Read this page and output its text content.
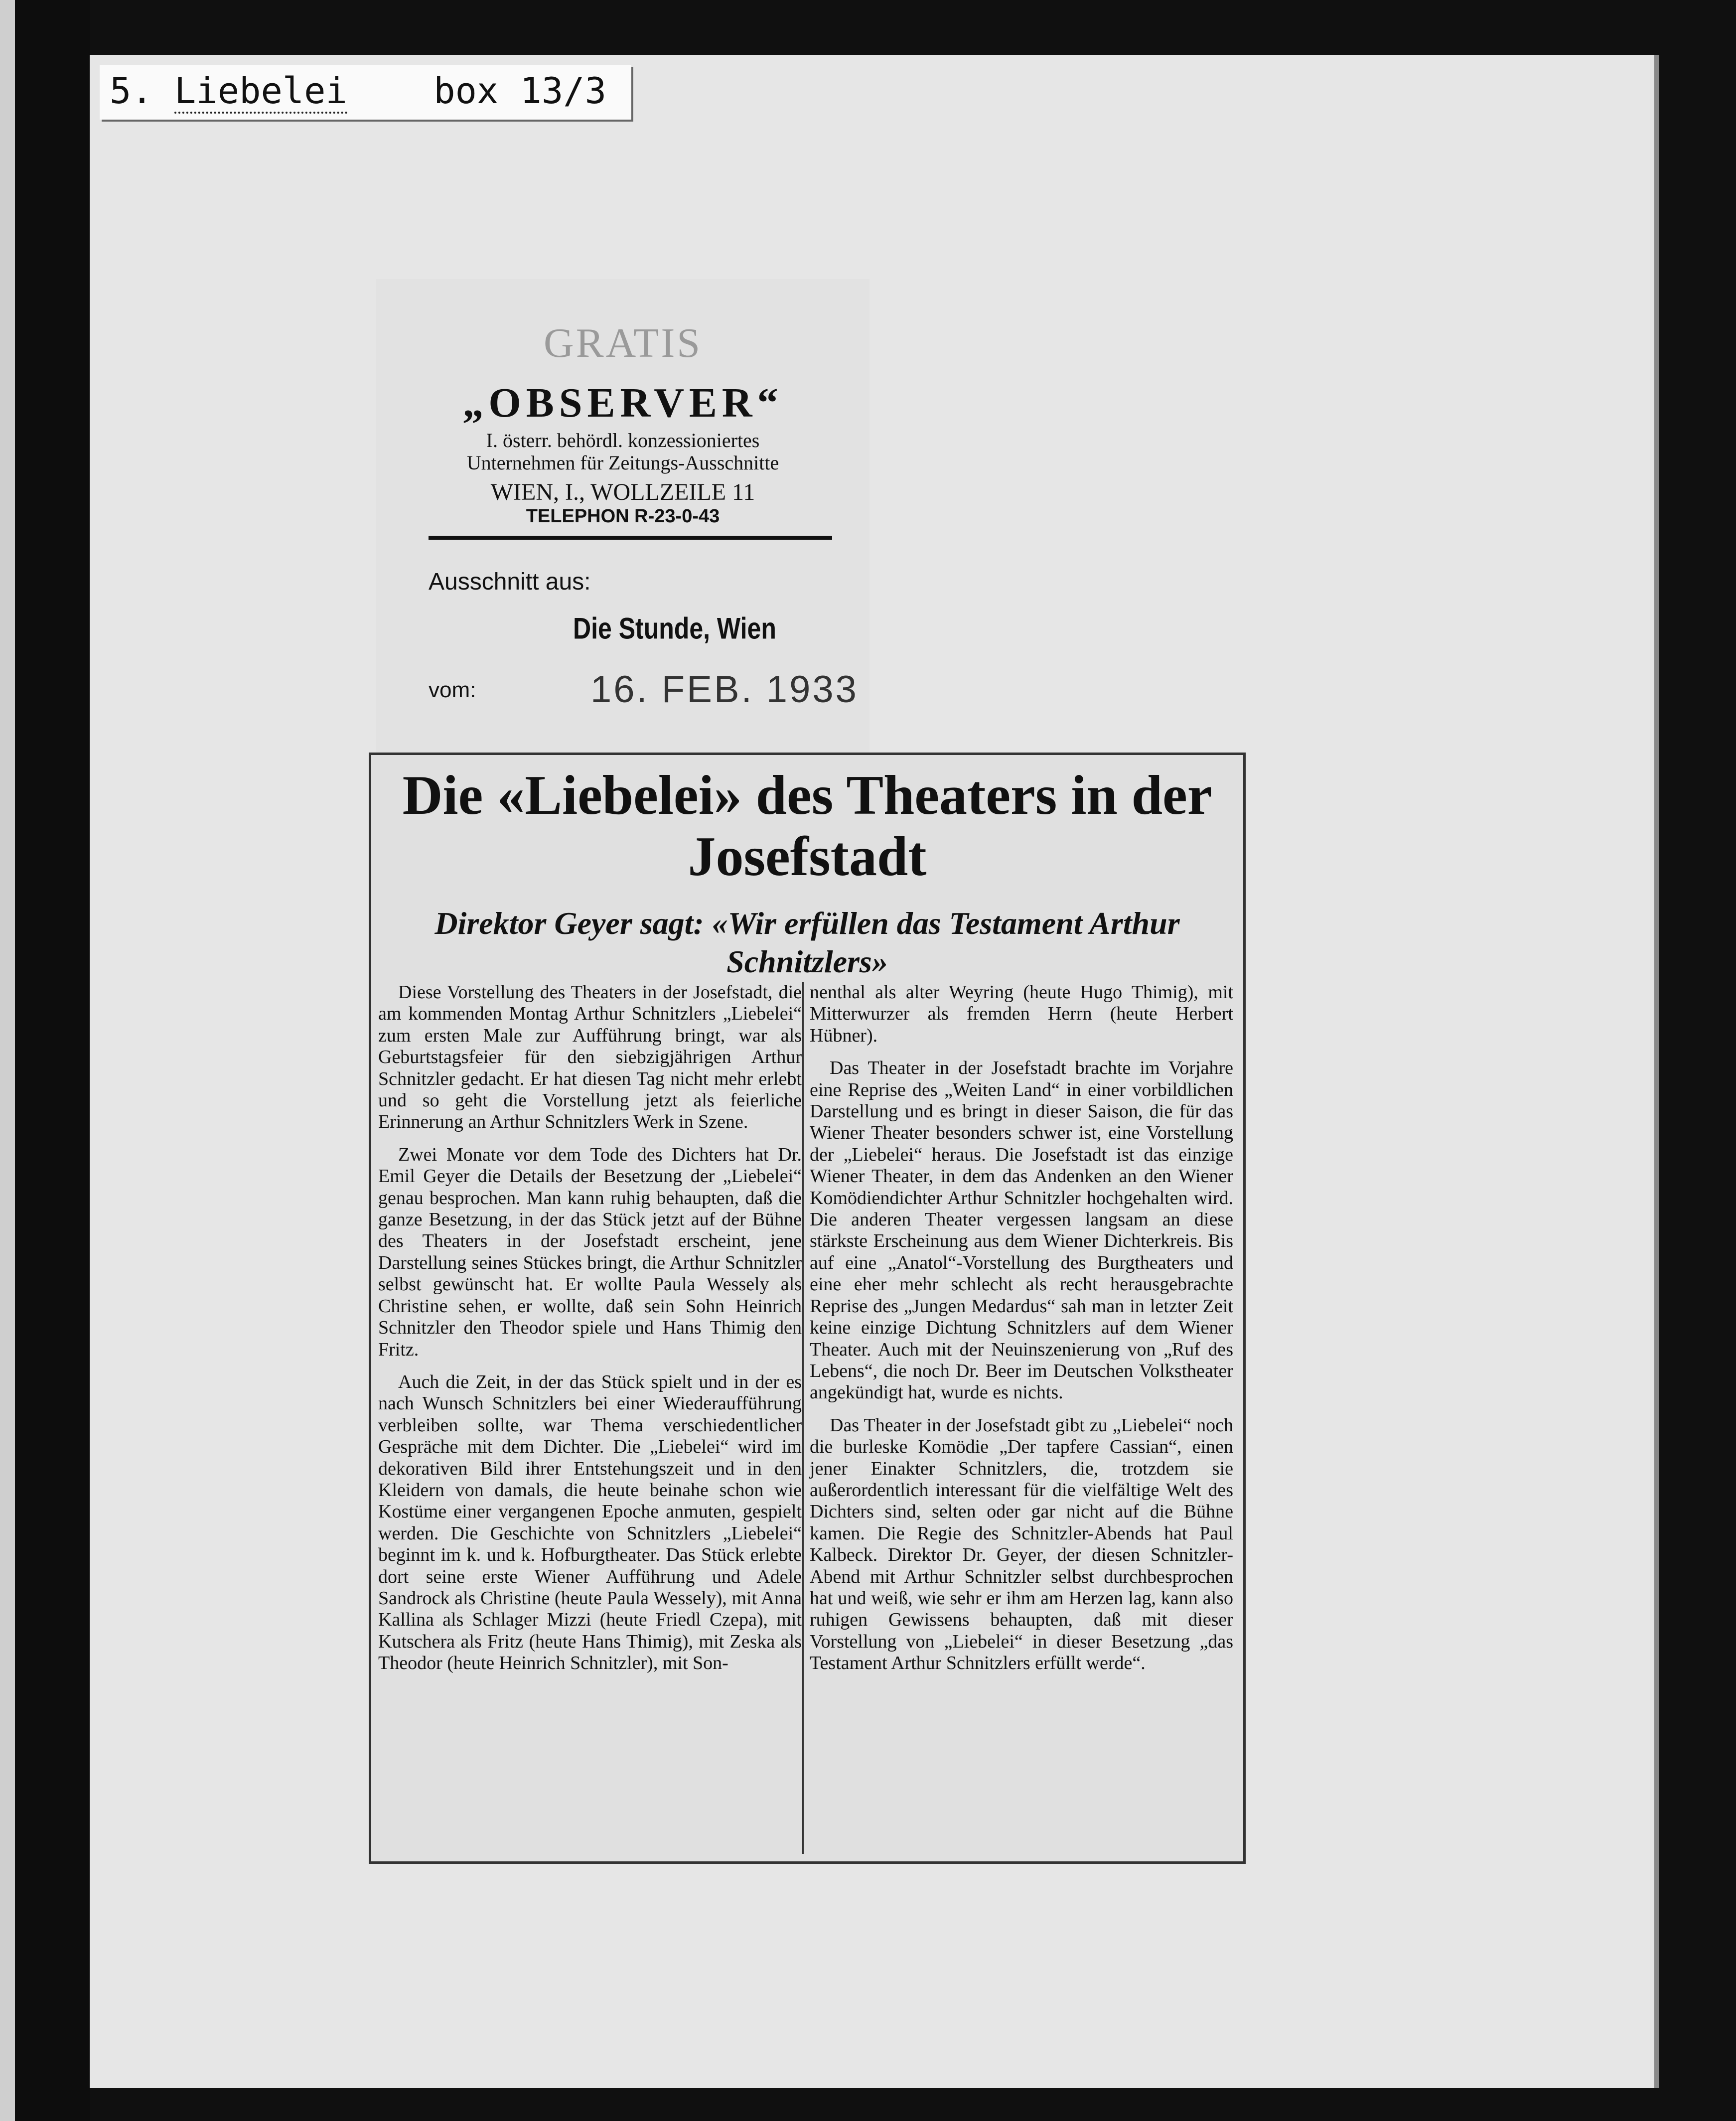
5. Liebelei box 13/3
GRATIS
„OBSERVER“
I. österr. behördl. konzessioniertes
Unternehmen für Zeitungs-Ausschnitte
WIEN, I., WOLLZEILE 11
TELEPHON R-23-0-43
Ausschnitt aus:
Die Stunde, Wien
vom:	16. FEB. 1933
Die «Liebelei» des Theaters in der Josefstadt
Direktor Geyer sagt: «Wir erfüllen das Testament Arthur Schnitzlers»

Diese Vorstellung des Theaters in der Josefstadt, die am kommenden Montag Arthur Schnitzlers „Liebelei“ zum ersten Male zur Aufführung bringt, war als Geburtstagsfeier für den siebzigjährigen Arthur Schnitzler gedacht. Er hat diesen Tag nicht mehr erlebt und so geht die Vorstellung jetzt als feierliche Erinnerung an Arthur Schnitzlers Werk in Szene.

Zwei Monate vor dem Tode des Dichters hat Dr. Emil Geyer die Details der Besetzung der „Liebelei“ genau besprochen. Man kann ruhig behaupten, daß die ganze Besetzung, in der das Stück jetzt auf der Bühne des Theaters in der Josefstadt erscheint, jene Darstellung seines Stückes bringt, die Arthur Schnitzler selbst gewünscht hat. Er wollte Paula Wessely als Christine sehen, er wollte, daß sein Sohn Heinrich Schnitzler den Theodor spiele und Hans Thimig den Fritz.

Auch die Zeit, in der das Stück spielt und in der es nach Wunsch Schnitzlers bei einer Wiederaufführung verbleiben sollte, war Thema verschiedentlicher Gespräche mit dem Dichter. Die „Liebelei“ wird im dekorativen Bild ihrer Entstehungszeit und in den Kleidern von damals, die heute beinahe schon wie Kostüme einer vergangenen Epoche anmuten, gespielt werden. Die Geschichte von Schnitzlers „Liebelei“ beginnt im k. und k. Hofburgtheater. Das Stück erlebte dort seine erste Wiener Aufführung und Adele Sandrock als Christine (heute Paula Wessely), mit Anna Kallina als Schlager Mizzi (heute Friedl Czepa), mit Kutschera als Fritz (heute Hans Thimig), mit Zeska als Theodor (heute Heinrich Schnitzler), mit Son-

nenthal als alter Weyring (heute Hugo Thimig), mit Mitterwurzer als fremden Herrn (heute Herbert Hübner).

Das Theater in der Josefstadt brachte im Vorjahre eine Reprise des „Weiten Land“ in einer vorbildlichen Darstellung und es bringt in dieser Saison, die für das Wiener Theater besonders schwer ist, eine Vorstellung der „Liebelei“ heraus. Die Josefstadt ist das einzige Wiener Theater, in dem das Andenken an den Wiener Komödiendichter Arthur Schnitzler hochgehalten wird. Die anderen Theater vergessen langsam an diese stärkste Erscheinung aus dem Wiener Dichterkreis. Bis auf eine „Anatol“-Vorstellung des Burgtheaters und eine eher mehr schlecht als recht herausgebrachte Reprise des „Jungen Medardus“ sah man in letzter Zeit keine einzige Dichtung Schnitzlers auf dem Wiener Theater. Auch mit der Neuinszenierung von „Ruf des Lebens“, die noch Dr. Beer im Deutschen Volkstheater angekündigt hat, wurde es nichts.

Das Theater in der Josefstadt gibt zu „Liebelei“ noch die burleske Komödie „Der tapfere Cassian“, einen jener Einakter Schnitzlers, die, trotzdem sie außerordentlich interessant für die vielfältige Welt des Dichters sind, selten oder gar nicht auf die Bühne kamen. Die Regie des Schnitzler-Abends hat Paul Kalbeck. Direktor Dr. Geyer, der diesen Schnitzler-Abend mit Arthur Schnitzler selbst durchbesprochen hat und weiß, wie sehr er ihm am Herzen lag, kann also ruhigen Gewissens behaupten, daß mit dieser Vorstellung von „Liebelei“ in dieser Besetzung „das Testament Arthur Schnitzlers erfüllt werde“.
